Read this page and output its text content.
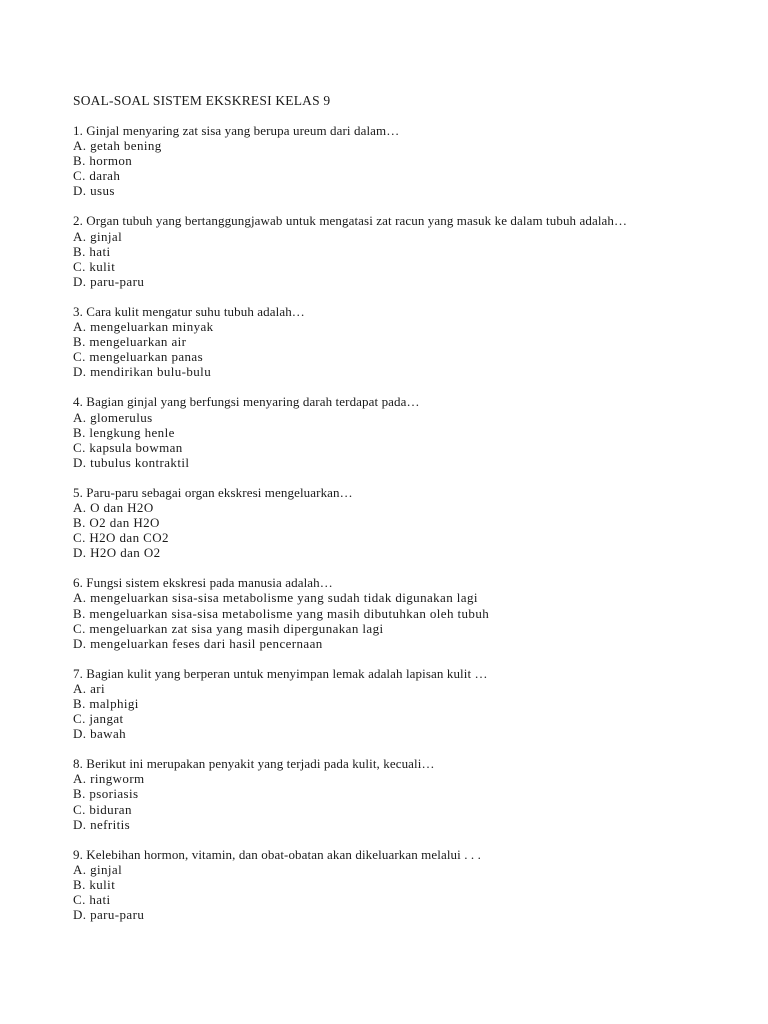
SOAL-SOAL SISTEM EKSKRESI KELAS 9
1. Ginjal menyaring zat sisa yang berupa ureum dari dalam…
A. getah bening
B. hormon
C. darah
D. usus
2. Organ tubuh yang bertanggungjawab untuk mengatasi zat racun yang masuk ke dalam tubuh adalah…
A. ginjal
B. hati
C. kulit
D. paru-paru
3. Cara kulit mengatur suhu tubuh adalah…
A. mengeluarkan minyak
B. mengeluarkan air
C. mengeluarkan panas
D. mendirikan bulu-bulu
4. Bagian ginjal yang berfungsi menyaring darah terdapat pada…
A. glomerulus
B. lengkung henle
C. kapsula bowman
D. tubulus kontraktil
5. Paru-paru sebagai organ ekskresi mengeluarkan…
A. O dan H2O
B. O2 dan H2O
C. H2O dan CO2
D. H2O dan O2
6. Fungsi sistem ekskresi pada manusia adalah…
A. mengeluarkan sisa-sisa metabolisme yang sudah tidak digunakan lagi
B. mengeluarkan sisa-sisa metabolisme yang masih dibutuhkan oleh tubuh
C. mengeluarkan zat sisa yang masih dipergunakan lagi
D. mengeluarkan feses dari hasil pencernaan
7. Bagian kulit yang berperan untuk menyimpan lemak adalah lapisan kulit …
A. ari
B. malphigi
C. jangat
D. bawah
8. Berikut ini merupakan penyakit yang terjadi pada kulit, kecuali…
A. ringworm
B. psoriasis
C. biduran
D. nefritis
9. Kelebihan hormon, vitamin, dan obat-obatan akan dikeluarkan melalui . . .
A. ginjal
B. kulit
C. hati
D. paru-paru
